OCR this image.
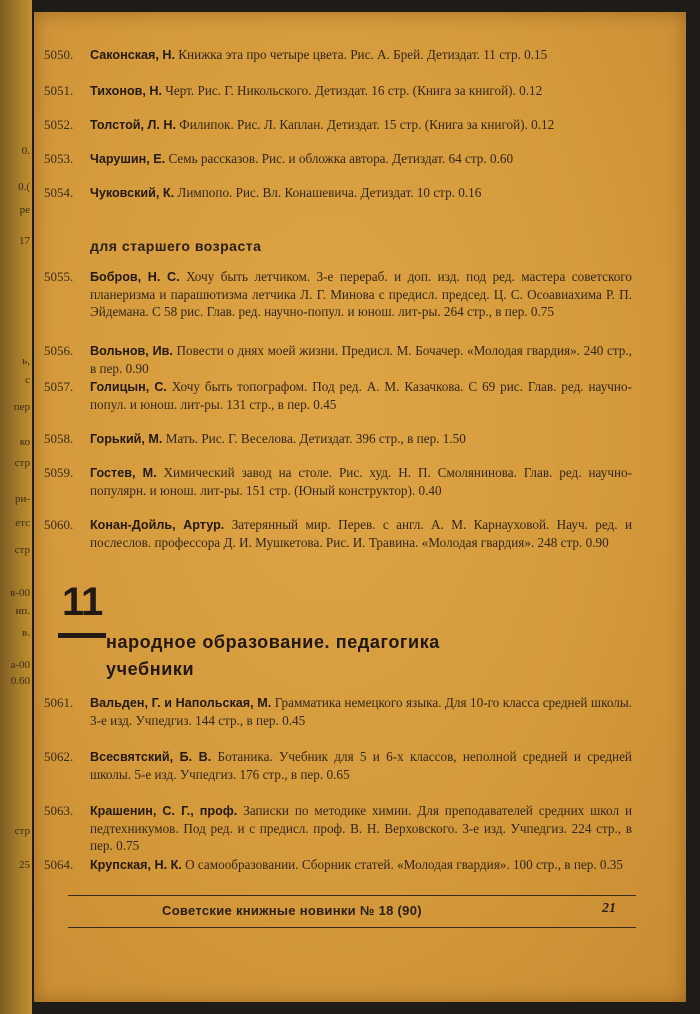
0.
0.(
ре
17
ь,
с
пер
ко
стр
ри-
етс
стр
в-00
ип.
в.
а-00
0.60
стр
25
5050.	Саконская, Н. Книжка эта про четыре цвета. Рис. А. Брей. Детиздат. 11 стр. 0.15
5051.	Тихонов, Н. Черт. Рис. Г. Никольского. Детиздат. 16 стр. (Книга за книгой). 0.12
5052.	Толстой, Л. Н. Филипок. Рис. Л. Каплан. Детиздат. 15 стр. (Книга за книгой). 0.12
5053.	Чарушин, Е. Семь рассказов. Рис. и обложка автора. Детиздат. 64 стр. 0.60
5054.	Чуковский, К. Лимпопо. Рис. Вл. Конашевича. Детиздат. 10 стр. 0.16
для старшего возраста
5055.	Бобров, Н. С. Хочу быть летчиком. 3-е перераб. и доп. изд. под ред. мастера советского планеризма и парашютизма летчика Л. Г. Минова с предисл. председ. Ц. С. Осоавиахима Р. П. Эйдемана. С 58 рис. Глав. ред. научно-попул. и юнош. лит-ры. 264 стр., в пер. 0.75
5056.	Вольнов, Ив. Повести о днях моей жизни. Предисл. М. Бочачер. «Молодая гвардия». 240 стр., в пер. 0.90
5057.	Голицын, С. Хочу быть топографом. Под ред. А. М. Казачкова. С 69 рис. Глав. ред. научно-попул. и юнош. лит-ры. 131 стр., в пер. 0.45
5058.	Горький, М. Мать. Рис. Г. Веселова. Детиздат. 396 стр., в пер. 1.50
5059.	Гостев, М. Химический завод на столе. Рис. худ. Н. П. Смолянинова. Глав. ред. научно-популярн. и юнош. лит-ры. 151 стр. (Юный конструктор). 0.40
5060.	Конан-Дойль, Артур. Затерянный мир. Перев. с англ. А. М. Карнауховой. Науч. ред. и послеслов. профессора Д. И. Мушкетова. Рис. И. Травина. «Молодая гвардия». 248 стр. 0.90
11
народное образование. педагогика
учебники
5061.	Вальден, Г. и Напольская, М. Грамматика немецкого языка. Для 10-го класса средней школы. 3-е изд. Учпедгиз. 144 стр., в пер. 0.45
5062.	Всесвятский, Б. В. Ботаника. Учебник для 5 и 6-х классов, неполной средней и средней школы. 5-е изд. Учпедгиз. 176 стр., в пер. 0.65
5063.	Крашенин, С. Г., проф. Записки по методике химии. Для преподавателей средних школ и педтехникумов. Под ред. и с предисл. проф. В. Н. Верховского. 3-е изд. Учпедгиз. 224 стр., в пер. 0.75
5064.	Крупская, Н. К. О самообразовании. Сборник статей. «Молодая гвардия». 100 стр., в пер. 0.35
Советские книжные новинки № 18 (90)	21
